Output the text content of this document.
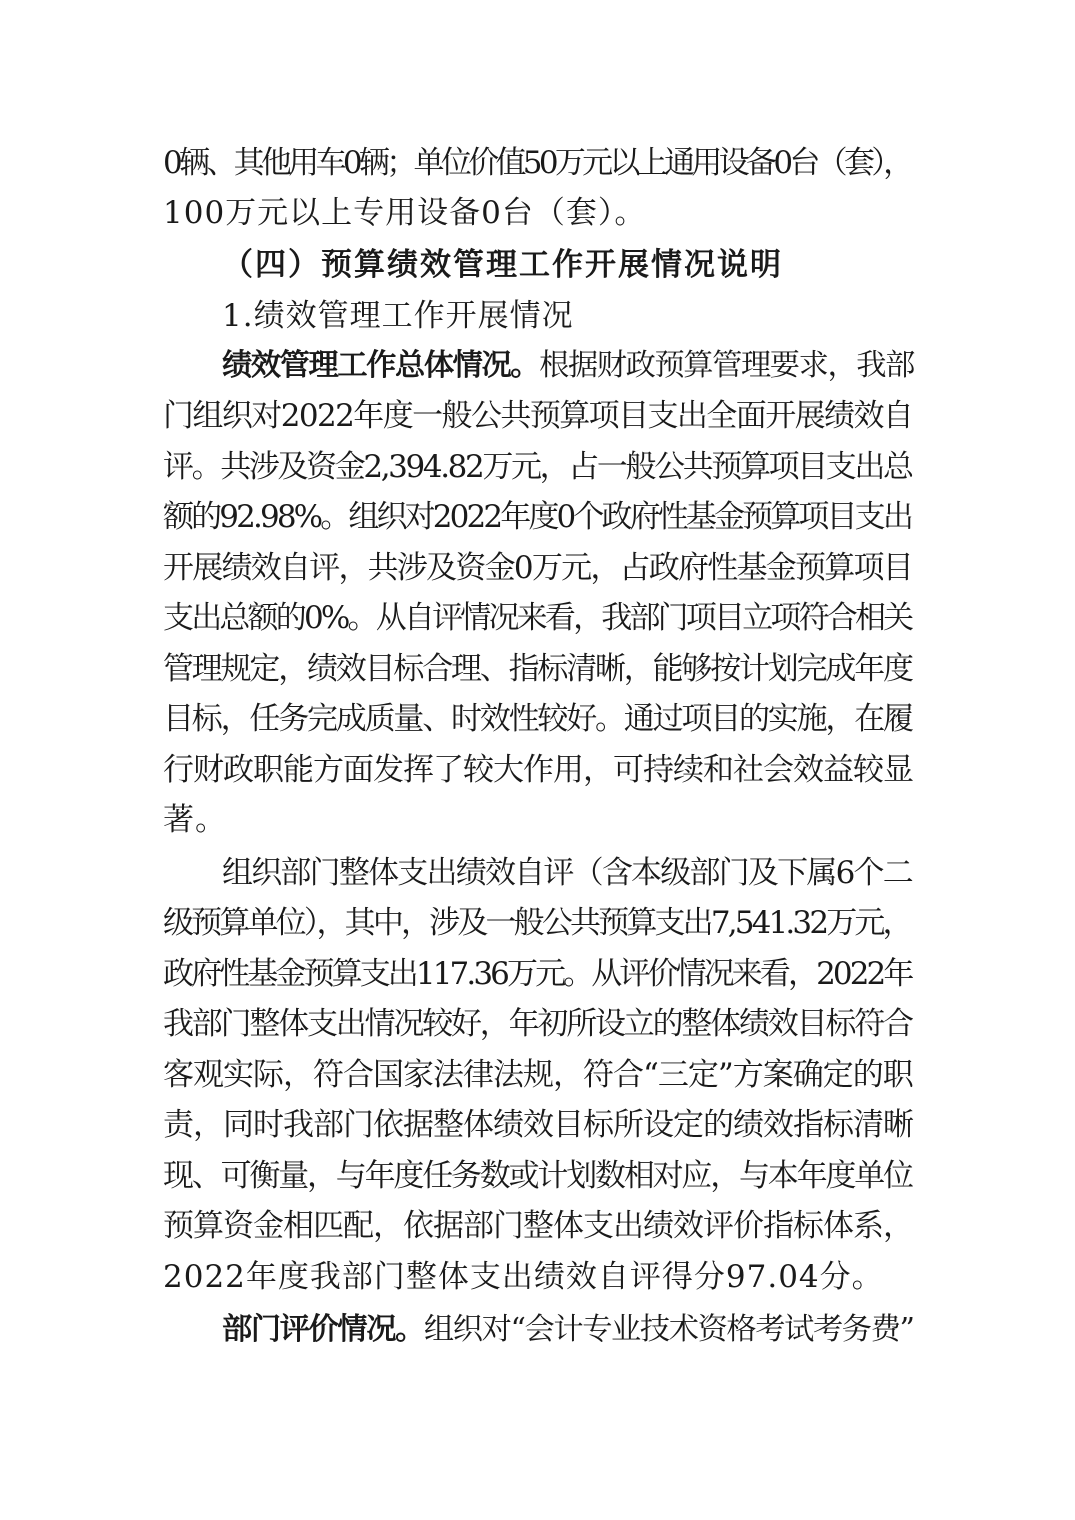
0辆、其他用车0辆；单位价值50万元以上通用设备0台（套），
100万元以上专用设备0台（套）。
（四）预算绩效管理工作开展情况说明
1.绩效管理工作开展情况
绩效管理工作总体情况。根据财政预算管理要求，我部
门组织对2022年度一般公共预算项目支出全面开展绩效自
评。共涉及资金2,394.82万元，占一般公共预算项目支出总
额的92.98%。组织对2022年度0个政府性基金预算项目支出
开展绩效自评，共涉及资金0万元，占政府性基金预算项目
支出总额的0%。从自评情况来看，我部门项目立项符合相关
管理规定，绩效目标合理、指标清晰，能够按计划完成年度
目标，任务完成质量、时效性较好。通过项目的实施，在履
行财政职能方面发挥了较大作用，可持续和社会效益较显
著。
组织部门整体支出绩效自评（含本级部门及下属6个二
级预算单位），其中，涉及一般公共预算支出7,541.32万元，
政府性基金预算支出117.36万元。从评价情况来看，2022年
我部门整体支出情况较好，年初所设立的整体绩效目标符合
客观实际，符合国家法律法规，符合“三定”方案确定的职
责，同时我部门依据整体绩效目标所设定的绩效指标清晰
现、可衡量，与年度任务数或计划数相对应，与本年度单位
预算资金相匹配，依据部门整体支出绩效评价指标体系，
2022年度我部门整体支出绩效自评得分97.04分。
部门评价情况。组织对“会计专业技术资格考试考务费”
